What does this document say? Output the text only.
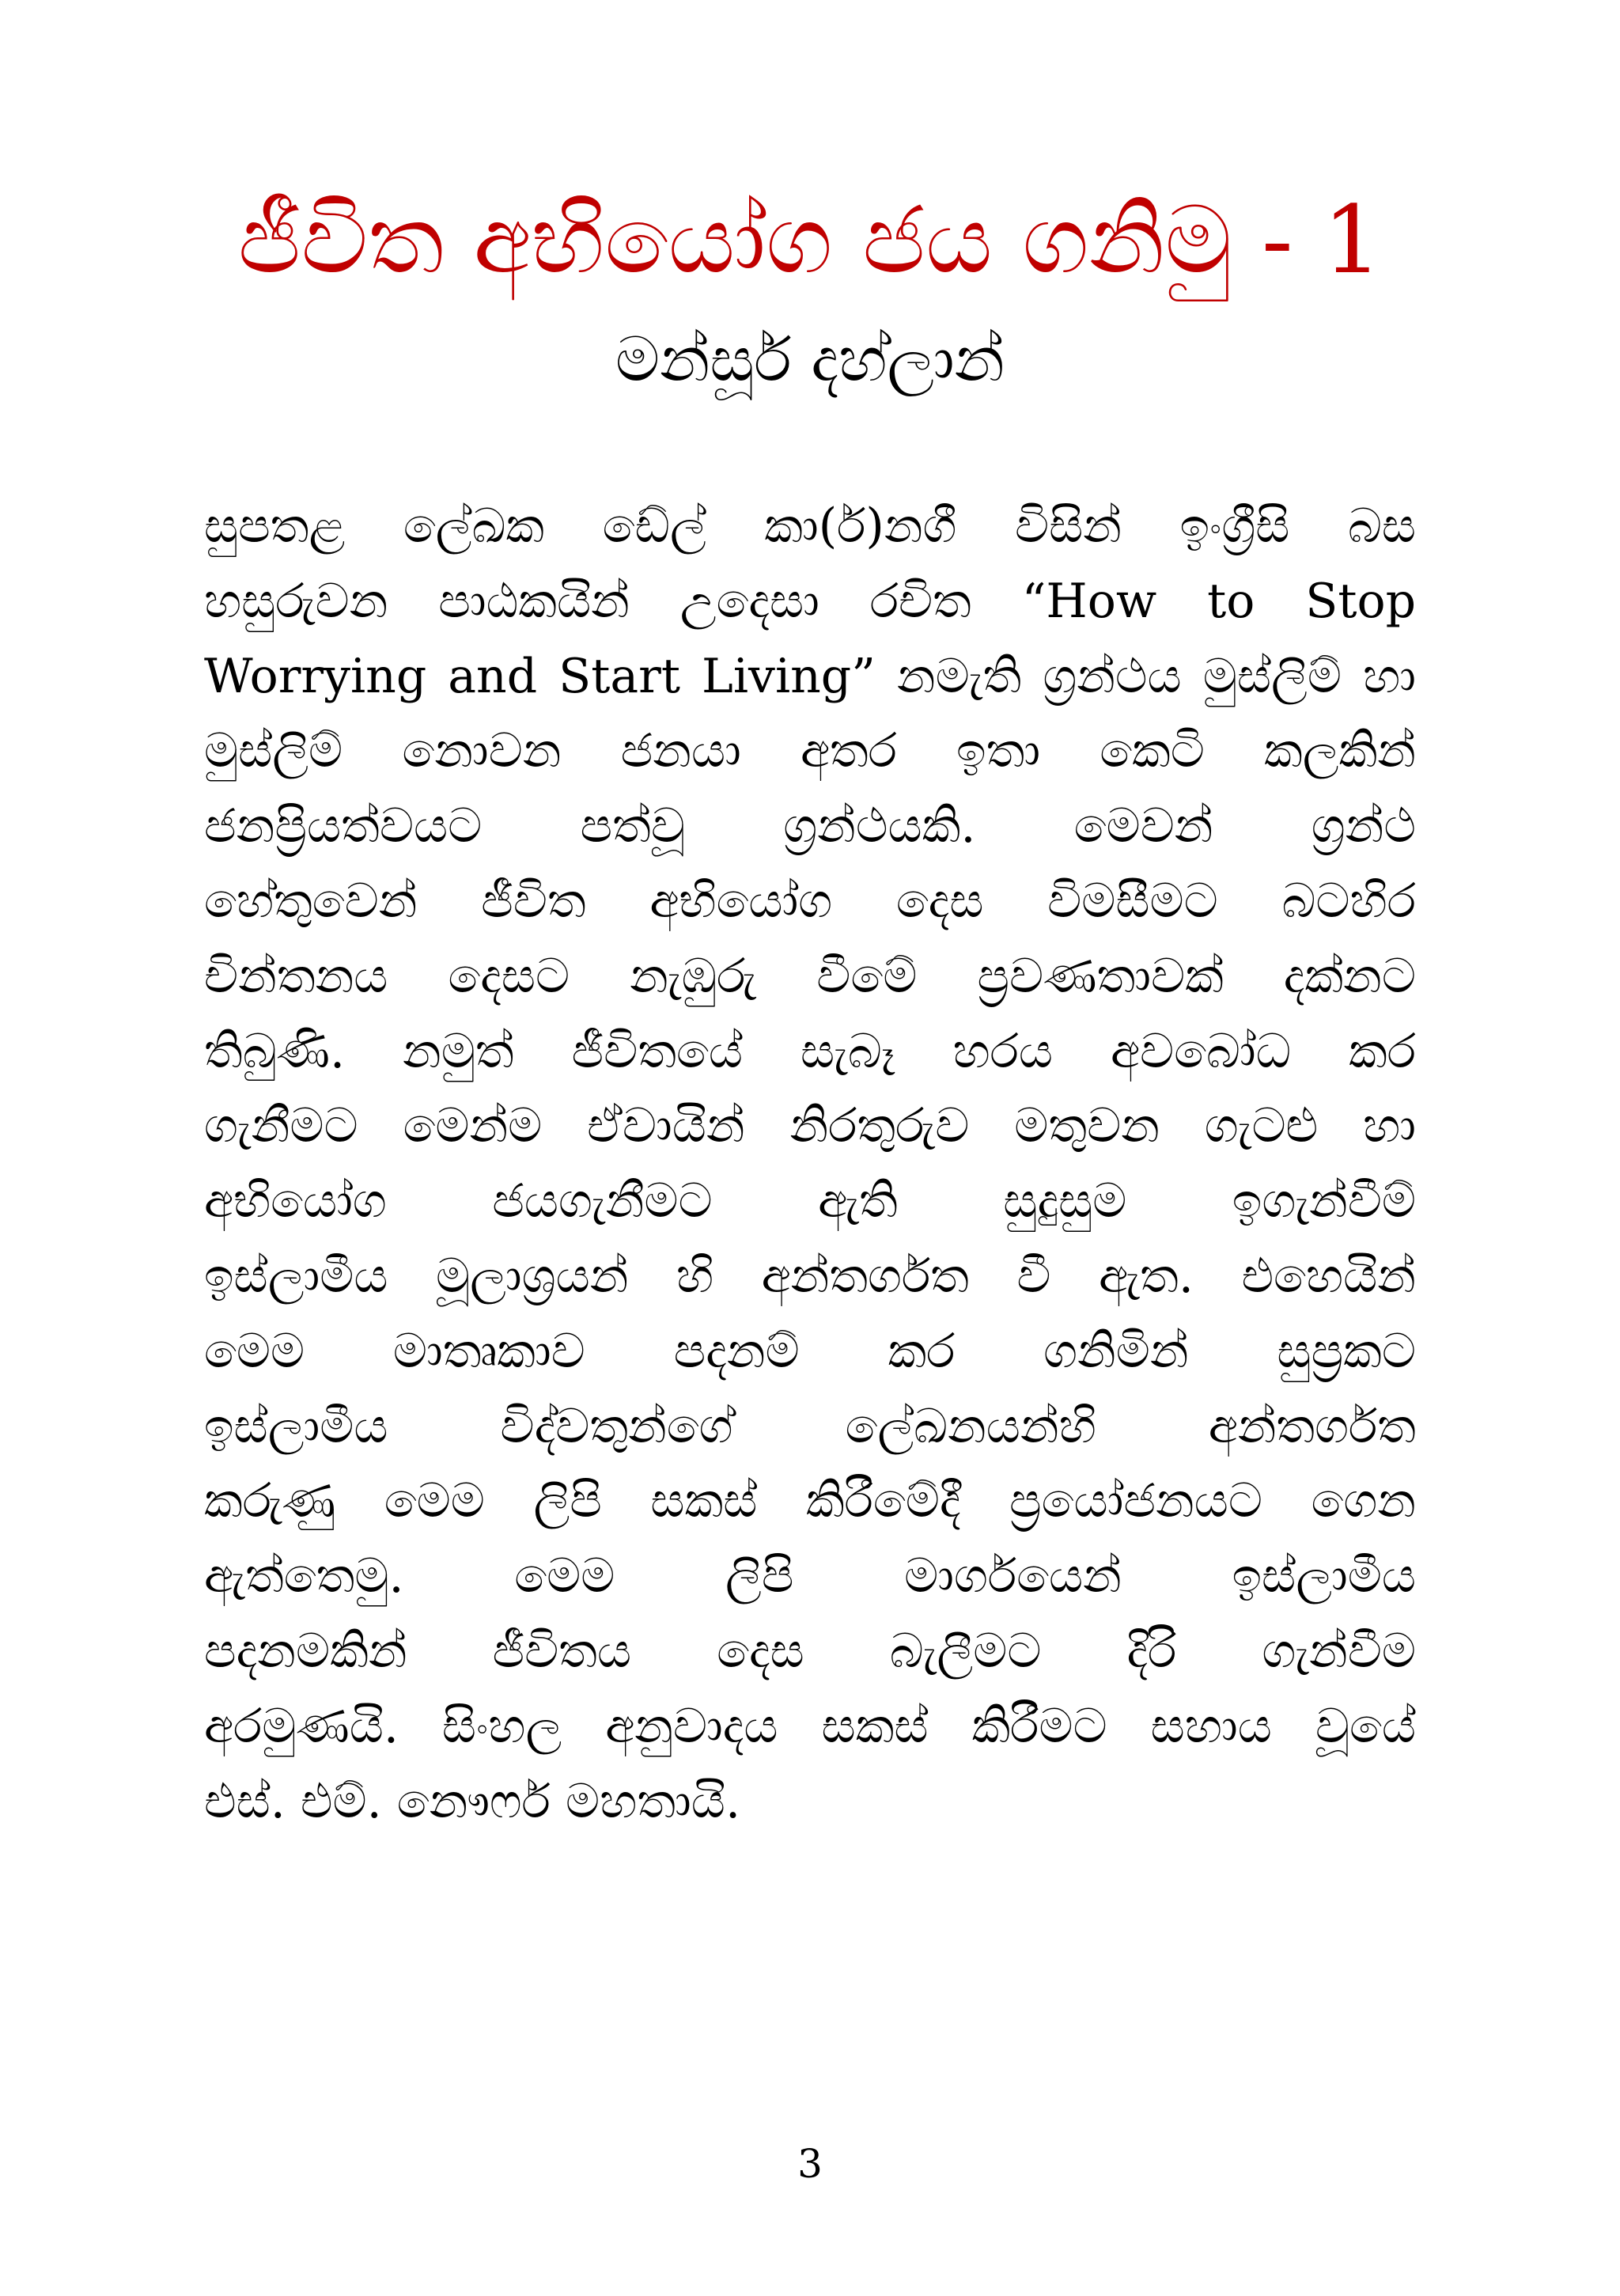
ජීවිත අභියෝග ජය ගනිමු - 1
මන්සූර් දහ්ලාන්
සුපතළ ලේඛක ඩේල් කා(ර්)නගී විසින් ඉංග්‍රීසි බස
හසුරුවන පාඨකයින් උදෙසා රචිත “How to Stop
Worrying and Start Living” නමැති ග්‍රන්ථය මුස්ලිම් හා
මුස්ලිම් නොවන ජනයා අතර ඉතා කෙටි කලකින්
ජනප්‍රියත්වයට පත්වූ ග්‍රන්ථයකි. මෙවන් ග්‍රන්ථ
හේතුවෙන් ජීවිත අභියෝග දෙස විමසීමට බටහිර
චින්තනය දෙසට නැඹුරු වීමේ ප්‍රවණතාවක් දක්නට
තිබුණි. නමුත් ජීවිතයේ සැබෑ හරය අවබෝධ කර
ගැනීමට මෙන්ම ඒවායින් නිරතුරුව මතුවන ගැටළු හා
අභියෝග ජයගැනීමට ඇති සුදුසුම ඉගැන්වීම්
ඉස්ලාමීය මූලාශ්‍රයන් හි අන්තර්ගත වී ඇත. එහෙයින්
මෙම මාතෘකාව පදනම් කර ගනිමින් සුප්‍රකට
ඉස්ලාමීය විද්වතුන්ගේ ලේඛනයන්හි අන්තර්ගත
කරුණු මෙම ලිපි සකස් කිරීමේදී ප්‍රයෝජනයට ගෙන
ඇත්තෙමු. මෙම ලිපි මාර්ගයෙන් ඉස්ලාමීය
පදනමකින් ජීවිතය දෙස බැලීමට දිරි ගැන්වීම
අරමුණයි. සිංහල අනුවාදය සකස් කිරීමට සහාය වූයේ
එස්. එම්. නෞෆර් මහතායි.
3
